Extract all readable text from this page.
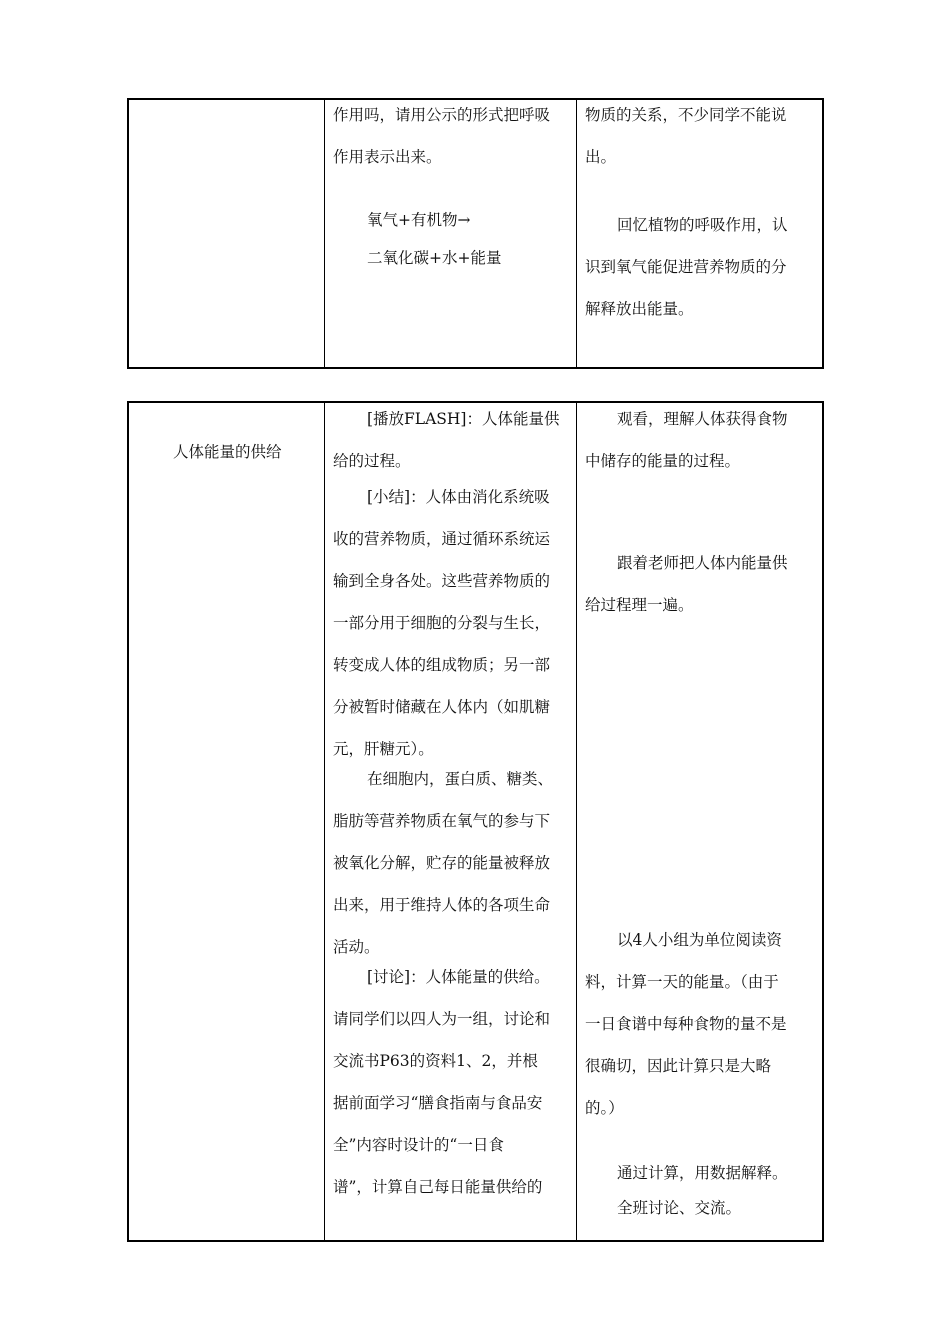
作用吗，请用公示的形式把呼吸

作用表示出来。

氧气+有机物→

二氧化碳+水+能量

物质的关系，不少同学不能说

出。

回忆植物的呼吸作用，认

识到氧气能促进营养物质的分

解释放出能量。

人体能量的供给

[播放FLASH]：人体能量供

给的过程。

[小结]：人体由消化系统吸

收的营养物质，通过循环系统运

输到全身各处。这些营养物质的

一部分用于细胞的分裂与生长，

转变成人体的组成物质；另一部

分被暂时储藏在人体内（如肌糖

元，肝糖元）。

在细胞内，蛋白质、糖类、

脂肪等营养物质在氧气的参与下

被氧化分解，贮存的能量被释放

出来，用于维持人体的各项生命

活动。

[讨论]：人体能量的供给。

请同学们以四人为一组，讨论和

交流书P63的资料1、2，并根

据前面学习“膳食指南与食品安

全”内容时设计的“一日食

谱”，计算自己每日能量供给的

观看，理解人体获得食物

中储存的能量的过程。

跟着老师把人体内能量供

给过程理一遍。

以4人小组为单位阅读资

料，计算一天的能量。（由于

一日食谱中每种食物的量不是

很确切，因此计算只是大略

的。）

通过计算，用数据解释。

全班讨论、交流。
